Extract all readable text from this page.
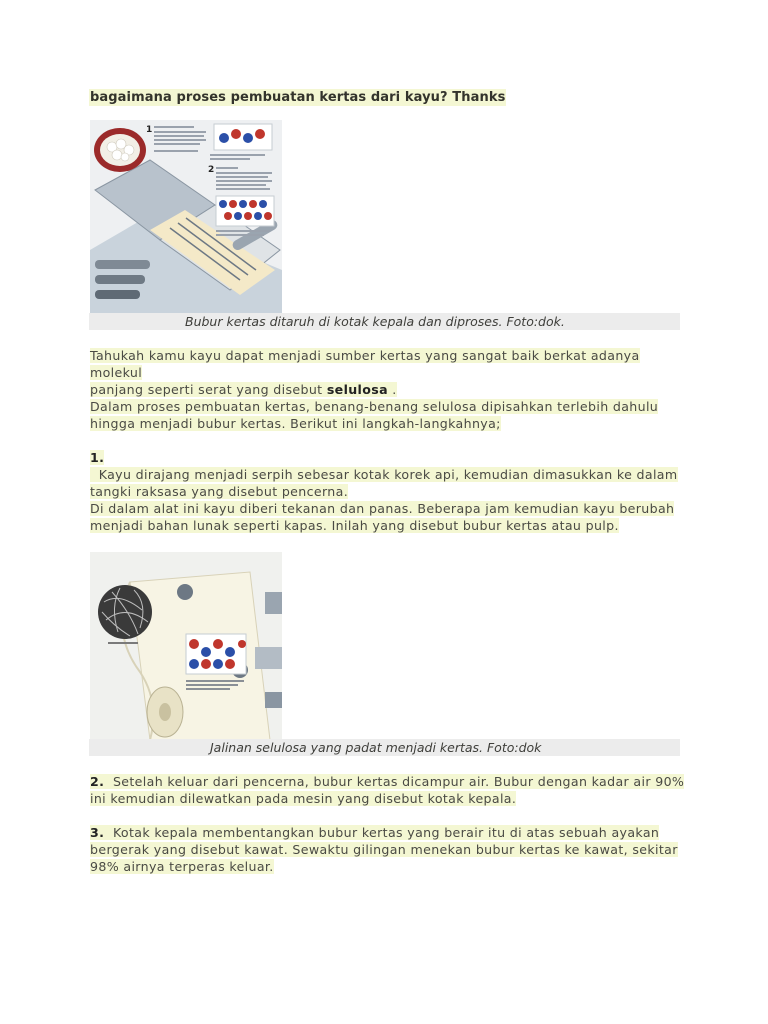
bagaimana proses pembuatan kertas dari kayu? Thanks
1
2
Bubur kertas ditaruh di kotak kepala dan diproses. Foto:dok.
Tahukah kamu kayu dapat menjadi sumber kertas yang sangat baik berkat adanya molekul
panjang seperti serat yang disebut selulosa .
Dalam proses pembuatan kertas, benang-benang selulosa dipisahkan terlebih dahulu
hingga menjadi bubur kertas. Berikut ini langkah-langkahnya;
1.  Kayu dirajang menjadi serpih sebesar kotak korek api, kemudian dimasukkan ke dalam
tangki raksasa yang disebut pencerna.
Di dalam alat ini kayu diberi tekanan dan panas. Beberapa jam kemudian kayu berubah
menjadi bahan lunak seperti kapas. Inilah yang disebut bubur kertas atau pulp.
Jalinan selulosa yang padat menjadi kertas. Foto:dok
2.  Setelah keluar dari pencerna, bubur kertas dicampur air. Bubur dengan kadar air 90%
ini kemudian dilewatkan pada mesin yang disebut kotak kepala.
3.  Kotak kepala membentangkan bubur kertas yang berair itu di atas sebuah ayakan
bergerak yang disebut kawat. Sewaktu gilingan menekan bubur kertas ke kawat, sekitar
98% airnya terperas keluar.
